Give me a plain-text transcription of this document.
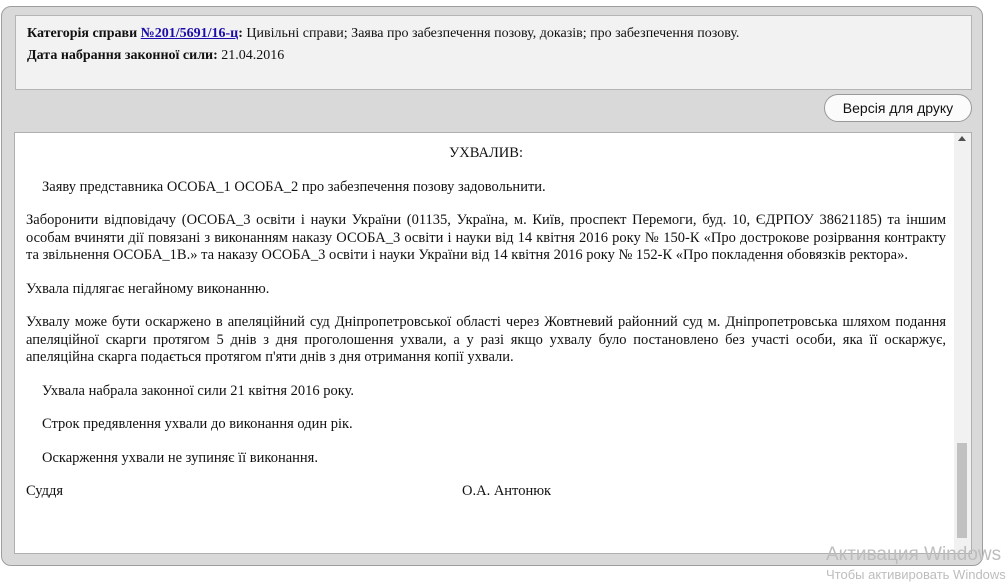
Категорія справи №201/5691/16-ц: Цивільні справи; Заява про забезпечення позову, доказів; про забезпечення позову.
Дата набрання законної сили: 21.04.2016
Версія для друку

УХВАЛИВ:

Заяву представника ОСОБА_1 ОСОБА_2 про забезпечення позову задовольнити.

Заборонити відповідачу (ОСОБА_3 освіти і науки України (01135, Україна, м. Київ, проспект Перемоги, буд. 10, ЄДРПОУ 38621185) та іншим особам вчиняти дії повязані з виконанням наказу ОСОБА_3 освіти і науки від 14 квітня 2016 року № 150-К «Про дострокове розірвання контракту та звільнення ОСОБА_1В.» та наказу ОСОБА_3 освіти і науки України від 14 квітня 2016 року № 152-К «Про покладення обовязків ректора».

Ухвала підлягає негайному виконанню.

Ухвалу може бути оскаржено в апеляційний суд Дніпропетровської області через Жовтневий районний суд м. Дніпропетровська шляхом подання апеляційної скарги протягом 5 днів з дня проголошення ухвали, а у разі якщо ухвалу було постановлено без участі особи, яка її оскаржує, апеляційна скарга подається протягом п'яти днів з дня отримання копії ухвали.

Ухвала набрала законної сили 21 квітня 2016 року.

Строк предявлення ухвали до виконання один рік.

Оскарження ухвали не зупиняє її виконання.

Суддя	О.А. Антонюк
Активация Windows
Чтобы активировать Windows
